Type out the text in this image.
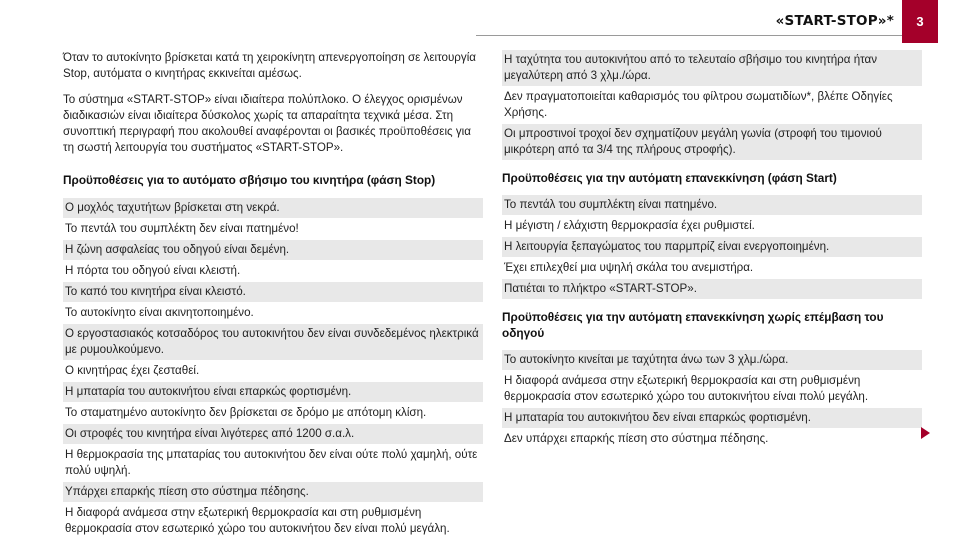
«START-STOP»*	3

Όταν το αυτοκίνητο βρίσκεται κατά τη χειροκίνητη απενεργοποίηση σε λειτουργία Stop, αυτόματα ο κινητήρας εκκινείται αμέσως.

Το σύστημα «START-STOP» είναι ιδιαίτερα πολύπλοκο. Ο έλεγχος ορισμένων διαδικασιών είναι ιδιαίτερα δύσκολος χωρίς τα απαραίτητα τεχνικά μέσα. Στη συνοπτική περιγραφή που ακολουθεί αναφέρονται οι βασικές προϋποθέσεις για τη σωστή λειτουργία του συστήματος «START-STOP».

Προϋποθέσεις για το αυτόματο σβήσιμο του κινητήρα (φάση Stop)
Ο μοχλός ταχυτήτων βρίσκεται στη νεκρά.
Το πεντάλ του συμπλέκτη δεν είναι πατημένο!
Η ζώνη ασφαλείας του οδηγού είναι δεμένη.
Η πόρτα του οδηγού είναι κλειστή.
Το καπό του κινητήρα είναι κλειστό.
Το αυτοκίνητο είναι ακινητοποιημένο.
Ο εργοστασιακός κοτσαδόρος του αυτοκινήτου δεν είναι συνδεδεμένος ηλεκτρικά με ρυμουλκούμενο.
Ο κινητήρας έχει ζεσταθεί.
Η μπαταρία του αυτοκινήτου είναι επαρκώς φορτισμένη.
Το σταματημένο αυτοκίνητο δεν βρίσκεται σε δρόμο με απότομη κλίση.
Οι στροφές του κινητήρα είναι λιγότερες από 1200 σ.α.λ.
Η θερμοκρασία της μπαταρίας του αυτοκινήτου δεν είναι ούτε πολύ χαμηλή, ούτε πολύ υψηλή.
Υπάρχει επαρκής πίεση στο σύστημα πέδησης.
Η διαφορά ανάμεσα στην εξωτερική θερμοκρασία και στη ρυθμισμένη θερμοκρασία στον εσωτερικό χώρο του αυτοκινήτου δεν είναι πολύ μεγάλη.
Η ταχύτητα του αυτοκινήτου από το τελευταίο σβήσιμο του κινητήρα ήταν μεγαλύτερη από 3 χλμ./ώρα.
Δεν πραγματοποιείται καθαρισμός του φίλτρου σωματιδίων*, βλέπε Οδηγίες Χρήσης.
Οι μπροστινοί τροχοί δεν σχηματίζουν μεγάλη γωνία (στροφή του τιμονιού μικρότερη από τα 3/4 της πλήρους στροφής).
Προϋποθέσεις για την αυτόματη επανεκκίνηση (φάση Start)
Το πεντάλ του συμπλέκτη είναι πατημένο.
Η μέγιστη / ελάχιστη θερμοκρασία έχει ρυθμιστεί.
Η λειτουργία ξεπαγώματος του παρμπρίζ είναι ενεργοποιημένη.
Έχει επιλεχθεί μια υψηλή σκάλα του ανεμιστήρα.
Πατιέται το πλήκτρο «START-STOP».
Προϋποθέσεις για την αυτόματη επανεκκίνηση χωρίς επέμβαση του οδηγού
Το αυτοκίνητο κινείται με ταχύτητα άνω των 3 χλμ./ώρα.
Η διαφορά ανάμεσα στην εξωτερική θερμοκρασία και στη ρυθμισμένη θερμοκρασία στον εσωτερικό χώρο του αυτοκινήτου είναι πολύ μεγάλη.
Η μπαταρία του αυτοκινήτου δεν είναι επαρκώς φορτισμένη.
Δεν υπάρχει επαρκής πίεση στο σύστημα πέδησης.
